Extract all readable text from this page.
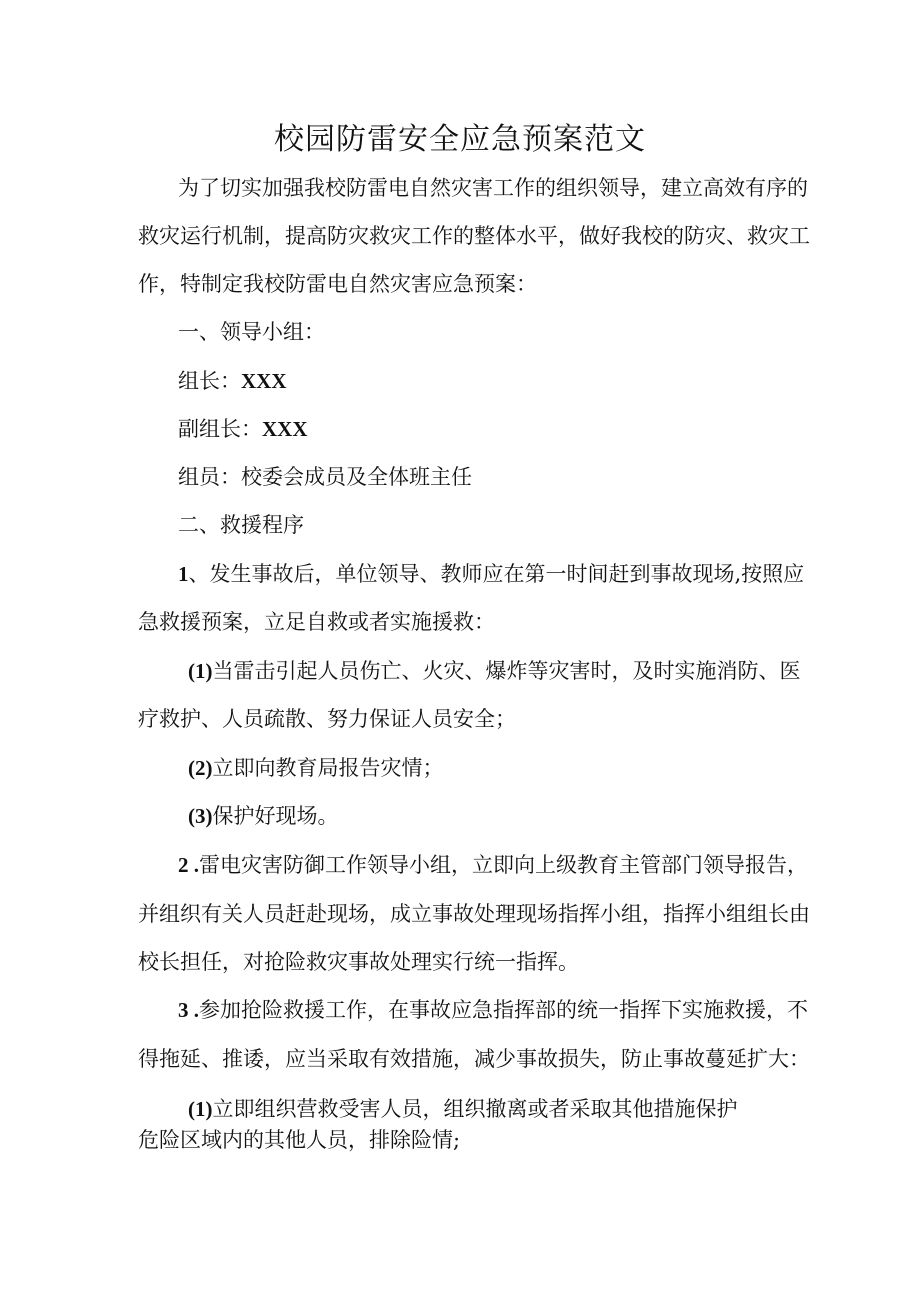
校园防雷安全应急预案范文
为了切实加强我校防雷电自然灾害工作的组织领导，建立高效有序的
救灾运行机制，提高防灾救灾工作的整体水平，做好我校的防灾、救灾工
作，特制定我校防雷电自然灾害应急预案：
一、领导小组：
组长：XXX
副组长：XXX
组员：校委会成员及全体班主任
二、救援程序
1、发生事故后，单位领导、教师应在第一时间赶到事故现场,按照应
急救援预案，立足自救或者实施援救：
(1)当雷击引起人员伤亡、火灾、爆炸等灾害时，及时实施消防、医
疗救护、人员疏散、努力保证人员安全；
(2)立即向教育局报告灾情；
(3)保护好现场。
2 .雷电灾害防御工作领导小组，立即向上级教育主管部门领导报告，
并组织有关人员赶赴现场，成立事故处理现场指挥小组，指挥小组组长由
校长担任，对抢险救灾事故处理实行统一指挥。
3 .参加抢险救援工作，在事故应急指挥部的统一指挥下实施救援，不
得拖延、推诿，应当采取有效措施，减少事故损失，防止事故蔓延扩大：
(1)立即组织营救受害人员，组织撤离或者采取其他措施保护
危险区域内的其他人员，排除险情;
